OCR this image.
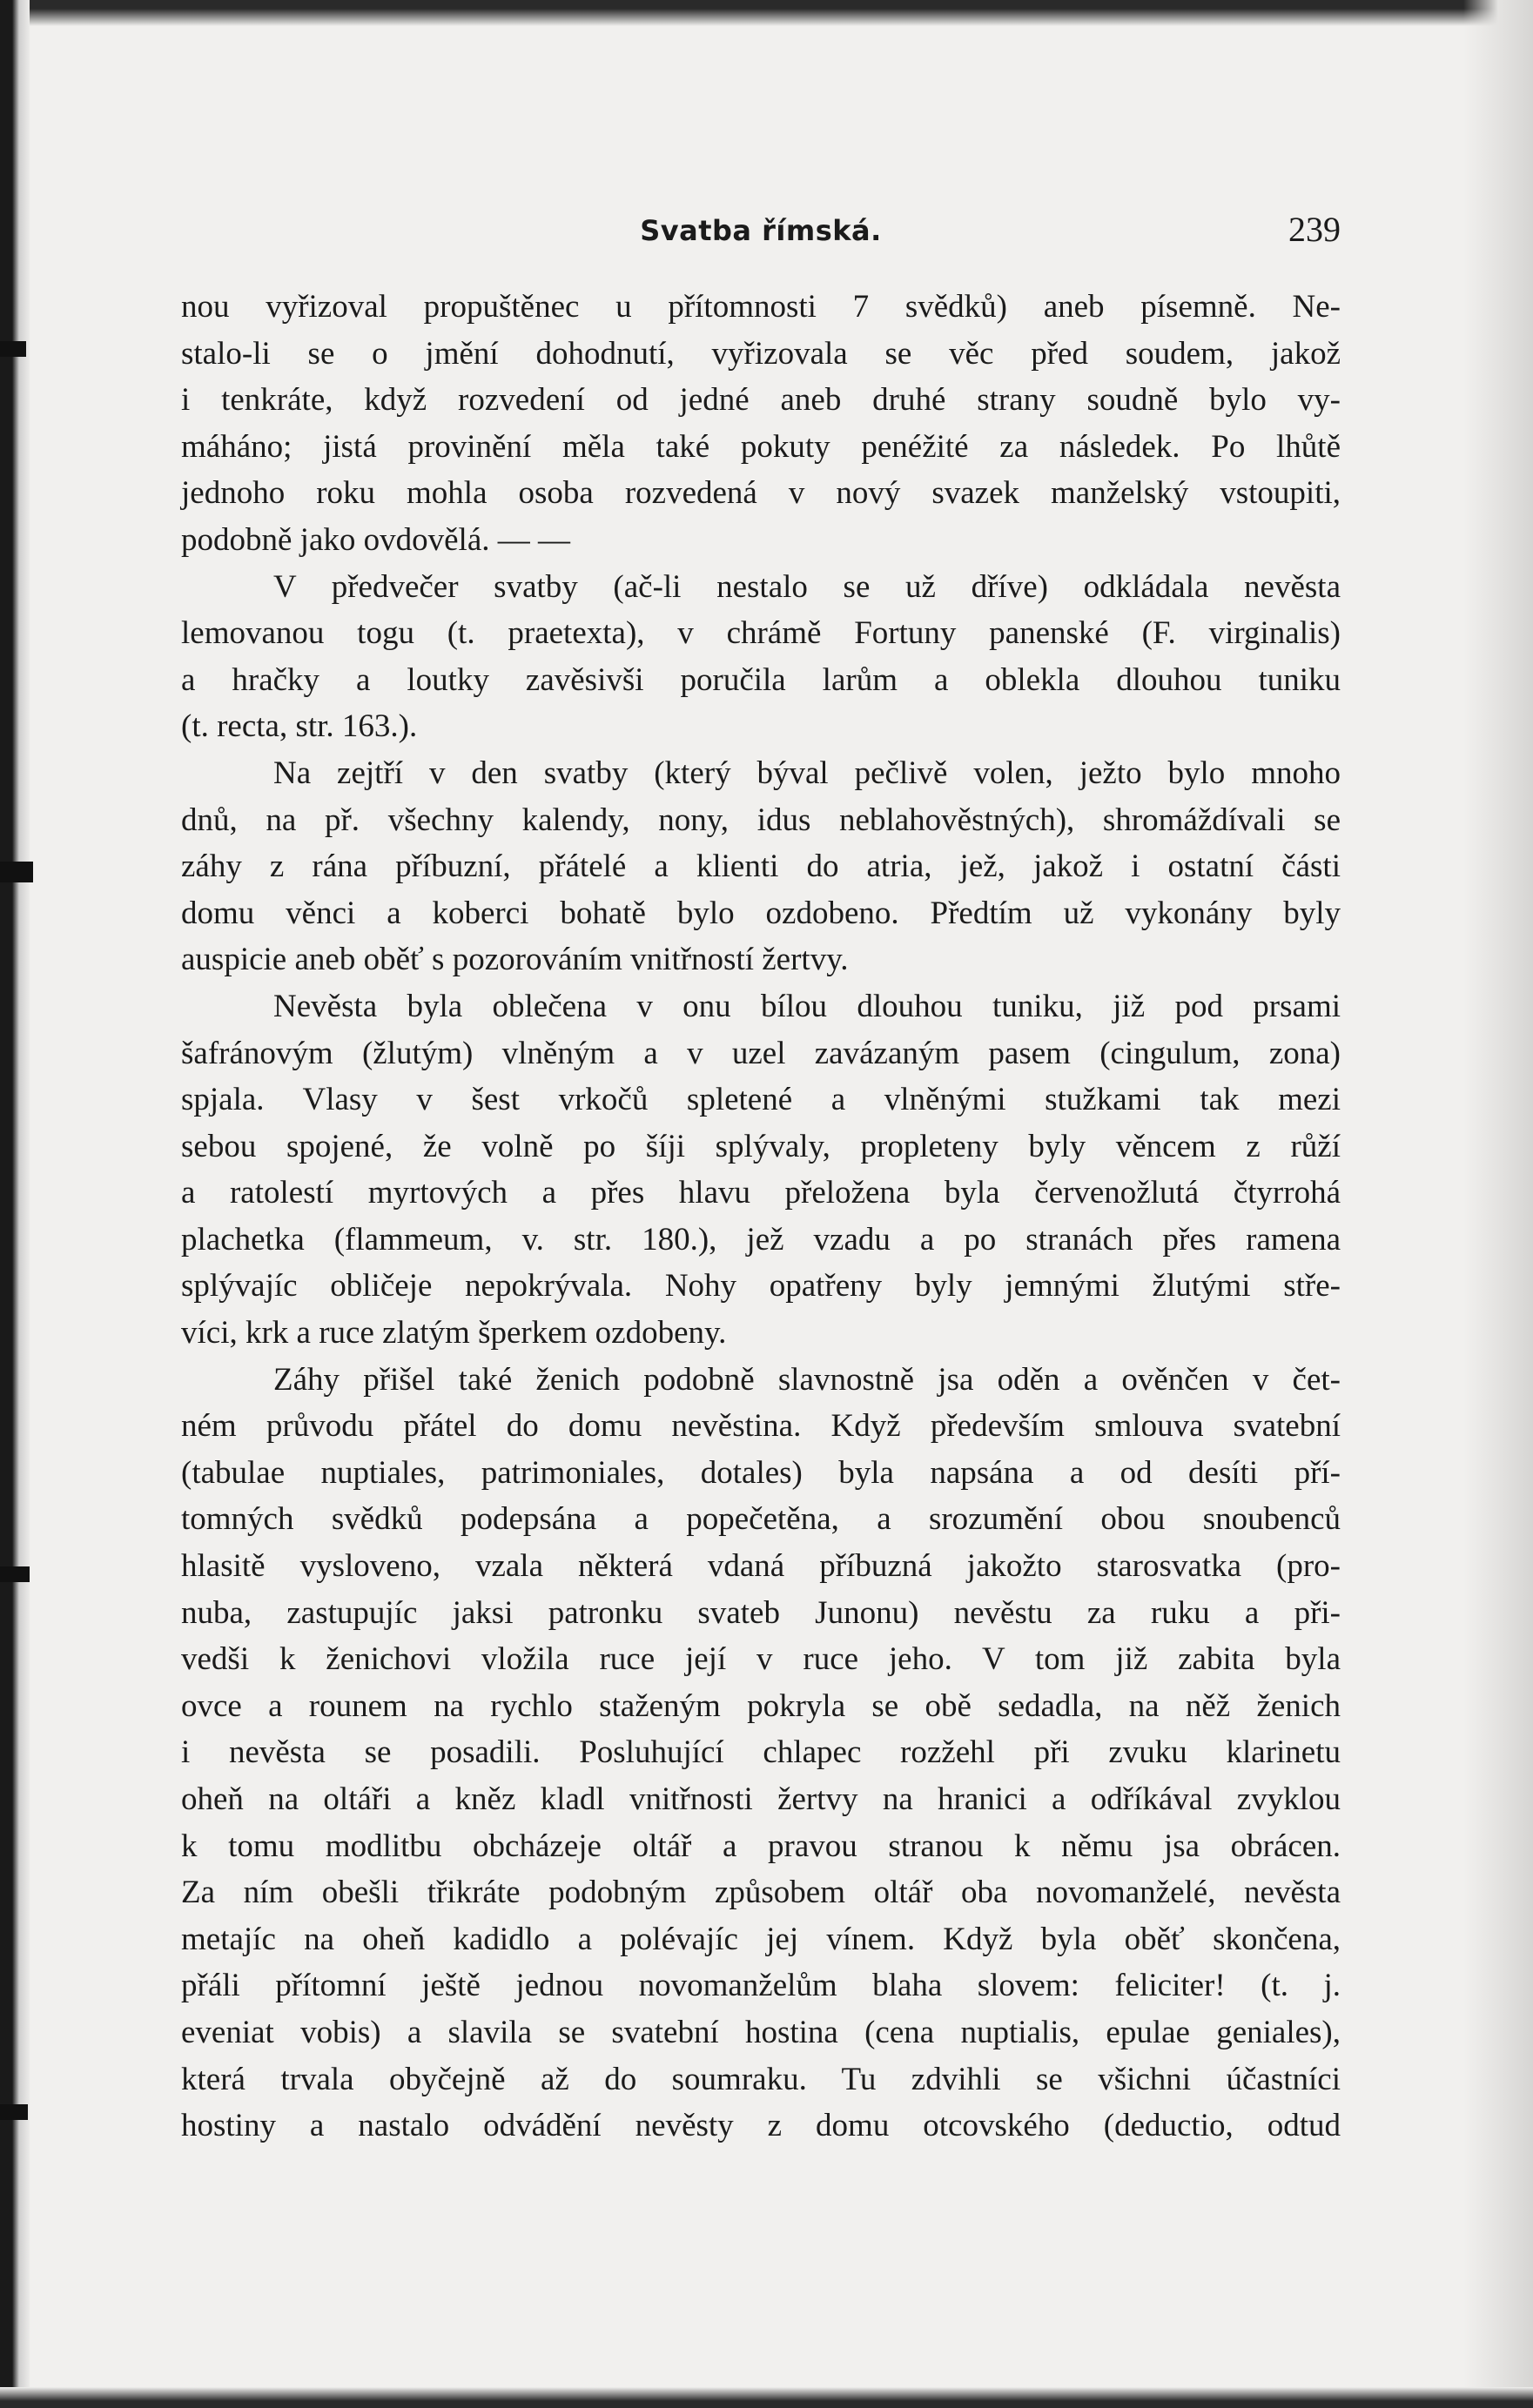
Svatba římská.	239
nou vyřizoval propuštěnec u přítomnosti 7 svědků) aneb písemně. Ne-
stalo-li se o jmění dohodnutí, vyřizovala se věc před soudem, jakož
i tenkráte, když rozvedení od jedné aneb druhé strany soudně bylo vy-
máháno; jistá provinění měla také pokuty penéžité za následek. Po lhůtě
jednoho roku mohla osoba rozvedená v nový svazek manželský vstoupiti,
podobně jako ovdovělá. — —
V předvečer svatby (ač-li nestalo se už dříve) odkládala nevěsta
lemovanou togu (t. praetexta), v chrámě Fortuny panenské (F. virginalis)
a hračky a loutky zavěsivši poručila larům a oblekla dlouhou tuniku
(t. recta, str. 163.).
Na zejtří v den svatby (který býval pečlivě volen, ježto bylo mnoho
dnů, na př. všechny kalendy, nony, idus neblahověstných), shromáždívali se
záhy z rána příbuzní, přátelé a klienti do atria, jež, jakož i ostatní části
domu věnci a koberci bohatě bylo ozdobeno. Předtím už vykonány byly
auspicie aneb oběť s pozorováním vnitřností žertvy.
Nevěsta byla oblečena v onu bílou dlouhou tuniku, již pod prsami
šafránovým (žlutým) vlněným a v uzel zavázaným pasem (cingulum, zona)
spjala. Vlasy v šest vrkočů spletené a vlněnými stužkami tak mezi
sebou spojené, že volně po šíji splývaly, propleteny byly věncem z růží
a ratolestí myrtových a přes hlavu přeložena byla červenožlutá čtyrrohá
plachetka (flammeum, v. str. 180.), jež vzadu a po stranách přes ramena
splývajíc obličeje nepokrývala. Nohy opatřeny byly jemnými žlutými stře-
víci, krk a ruce zlatým šperkem ozdobeny.
Záhy přišel také ženich podobně slavnostně jsa oděn a ověnčen v čet-
ném průvodu přátel do domu nevěstina. Když především smlouva svatební
(tabulae nuptiales, patrimoniales, dotales) byla napsána a od desíti pří-
tomných svědků podepsána a popečetěna, a srozumění obou snoubenců
hlasitě vysloveno, vzala některá vdaná příbuzná jakožto starosvatka (pro-
nuba, zastupujíc jaksi patronku svateb Junonu) nevěstu za ruku a při-
vedši k ženichovi vložila ruce její v ruce jeho. V tom již zabita byla
ovce a rounem na rychlo staženým pokryla se obě sedadla, na něž ženich
i nevěsta se posadili. Posluhující chlapec rozžehl při zvuku klarinetu
oheň na oltáři a kněz kladl vnitřnosti žertvy na hranici a odříkával zvyklou
k tomu modlitbu obcházeje oltář a pravou stranou k němu jsa obrácen.
Za ním obešli třikráte podobným způsobem oltář oba novomanželé, nevěsta
metajíc na oheň kadidlo a polévajíc jej vínem. Když byla oběť skončena,
přáli přítomní ještě jednou novomanželům blaha slovem: feliciter! (t. j.
eveniat vobis) a slavila se svatební hostina (cena nuptialis, epulae geniales),
která trvala obyčejně až do soumraku. Tu zdvihli se všichni účastníci
hostiny a nastalo odvádění nevěsty z domu otcovského (deductio, odtud
